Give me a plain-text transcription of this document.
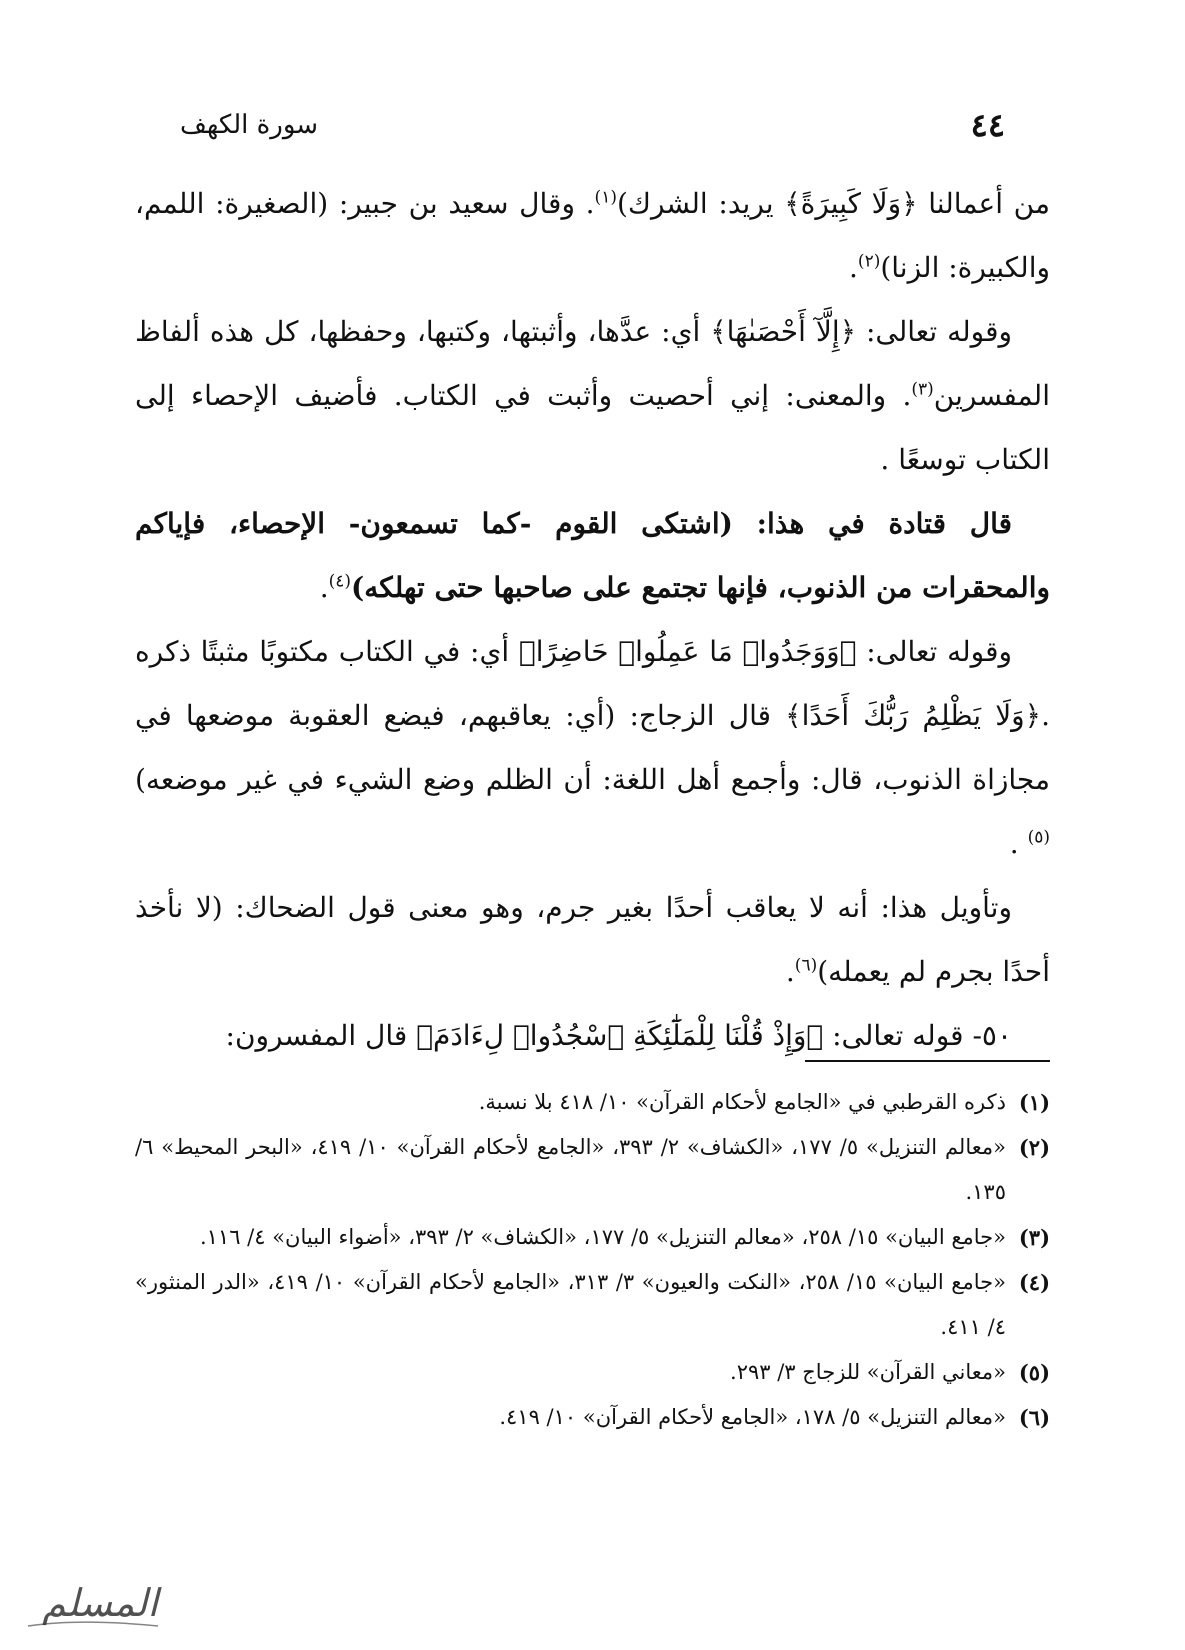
٤٤
سورة الكهف

من أعمالنا ﴿وَلَا كَبِيرَةً﴾ يريد: الشرك)$^{(١)}$. وقال سعيد بن جبير: (الصغيرة: اللمم، والكبيرة: الزنا)$^{(٢)}$.

وقوله تعالى: ﴿إِلَّآ أَحْصَىٰهَا﴾ أي: عدَّها، وأثبتها، وكتبها، وحفظها، كل هذه ألفاظ المفسرين$^{(٣)}$. والمعنى: إني أحصيت وأثبت في الكتاب. فأضيف الإحصاء إلى الكتاب توسعًا .

قال قتادة في هذا: (اشتكى القوم -كما تسمعون- الإحصاء، فإياكم والمحقرات من الذنوب، فإنها تجتمع على صاحبها حتى تهلكه)$^{(٤)}$.

وقوله تعالى: ﴿وَوَجَدُوا۟ مَا عَمِلُوا۟ حَاضِرًا﴾ أي: في الكتاب مكتوبًا مثبتًا ذكره .﴿وَلَا يَظْلِمُ رَبُّكَ أَحَدًا﴾ قال الزجاج: (أي: يعاقبهم، فيضع العقوبة موضعها في مجازاة الذنوب، قال: وأجمع أهل اللغة: أن الظلم وضع الشيء في غير موضعه)$^{(٥)}$ .

وتأويل هذا: أنه لا يعاقب أحدًا بغير جرم، وهو معنى قول الضحاك: (لا نأخذ أحدًا بجرم لم يعمله)$^{(٦)}$.

٥٠- قوله تعالى: ﴿وَإِذْ قُلْنَا لِلْمَلَٰٓئِكَةِ ٱسْجُدُوا۟ لِءَادَمَ﴾ قال المفسرون:

(١)
ذكره القرطبي في «الجامع لأحكام القرآن» ١٠/ ٤١٨ بلا نسبة.
(٢)
«معالم التنزيل» ٥/ ١٧٧، «الكشاف» ٢/ ٣٩٣، «الجامع لأحكام القرآن» ١٠/ ٤١٩، «البحر المحيط» ٦/ ١٣٥.
(٣)
«جامع البيان» ١٥/ ٢٥٨، «معالم التنزيل» ٥/ ١٧٧، «الكشاف» ٢/ ٣٩٣، «أضواء البيان» ٤/ ١١٦.
(٤)
«جامع البيان» ١٥/ ٢٥٨، «النكت والعيون» ٣/ ٣١٣، «الجامع لأحكام القرآن» ١٠/ ٤١٩، «الدر المنثور» ٤/ ٤١١.
(٥)
«معاني القرآن» للزجاج ٣/ ٢٩٣.
(٦)
«معالم التنزيل» ٥/ ١٧٨، «الجامع لأحكام القرآن» ١٠/ ٤١٩.
المسلم
